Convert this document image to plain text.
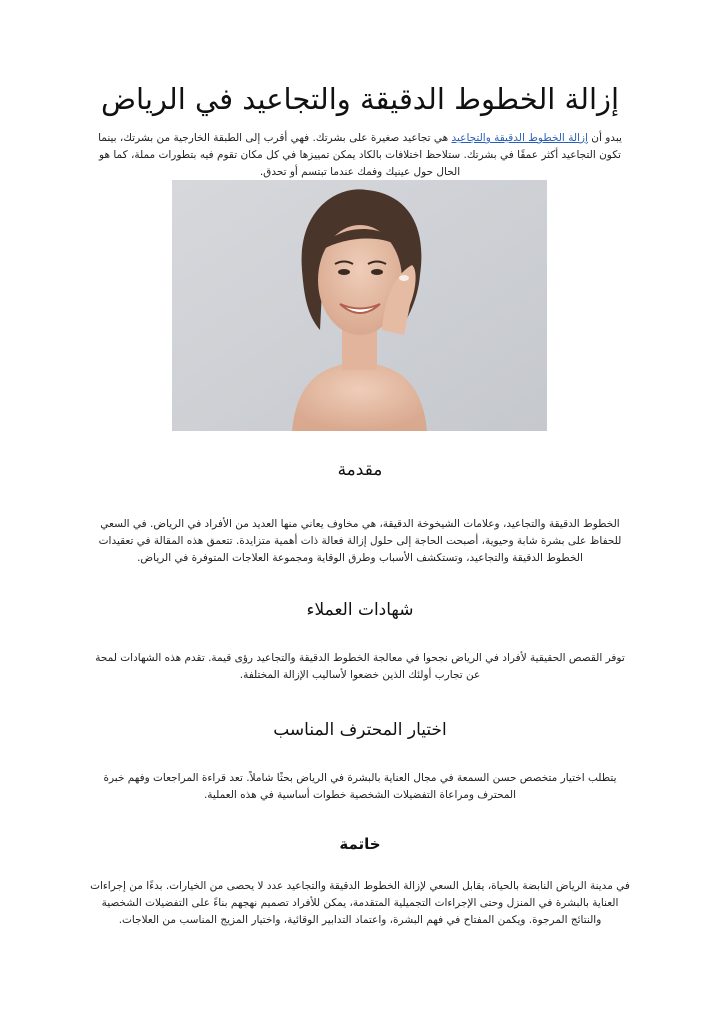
إزالة الخطوط الدقيقة والتجاعيد في الرياض

يبدو أن إزالة الخطوط الدقيقة والتجاعيد هي تجاعيد صغيرة على بشرتك. فهي أقرب إلى الطبقة الخارجية من بشرتك، بينما تكون التجاعيد أكثر عمقًا في بشرتك. ستلاحظ اختلافات بالكاد يمكن تمييزها في كل مكان تقوم فيه بتطورات مملة، كما هو الحال حول عينيك وفمك عندما تبتسم أو تحدق.

مقدمة

الخطوط الدقيقة والتجاعيد، وعلامات الشيخوخة الدقيقة، هي مخاوف يعاني منها العديد من الأفراد في الرياض. في السعي للحفاظ على بشرة شابة وحيوية، أصبحت الحاجة إلى حلول إزالة فعالة ذات أهمية متزايدة. تتعمق هذه المقالة في تعقيدات الخطوط الدقيقة والتجاعيد، وتستكشف الأسباب وطرق الوقاية ومجموعة العلاجات المتوفرة في الرياض.

شهادات العملاء

توفر القصص الحقيقية لأفراد في الرياض نجحوا في معالجة الخطوط الدقيقة والتجاعيد رؤى قيمة. تقدم هذه الشهادات لمحة عن تجارب أولئك الذين خضعوا لأساليب الإزالة المختلفة.

اختيار المحترف المناسب

يتطلب اختيار متخصص حسن السمعة في مجال العناية بالبشرة في الرياض بحثًا شاملاً. تعد قراءة المراجعات وفهم خبرة المحترف ومراعاة التفضيلات الشخصية خطوات أساسية في هذه العملية.

خاتمة

في مدينة الرياض النابضة بالحياة، يقابل السعي لإزالة الخطوط الدقيقة والتجاعيد عدد لا يحصى من الخيارات. بدءًا من إجراءات العناية بالبشرة في المنزل وحتى الإجراءات التجميلية المتقدمة، يمكن للأفراد تصميم نهجهم بناءً على التفضيلات الشخصية والنتائج المرجوة. ويكمن المفتاح في فهم البشرة، واعتماد التدابير الوقائية، واختيار المزيج المناسب من العلاجات.
